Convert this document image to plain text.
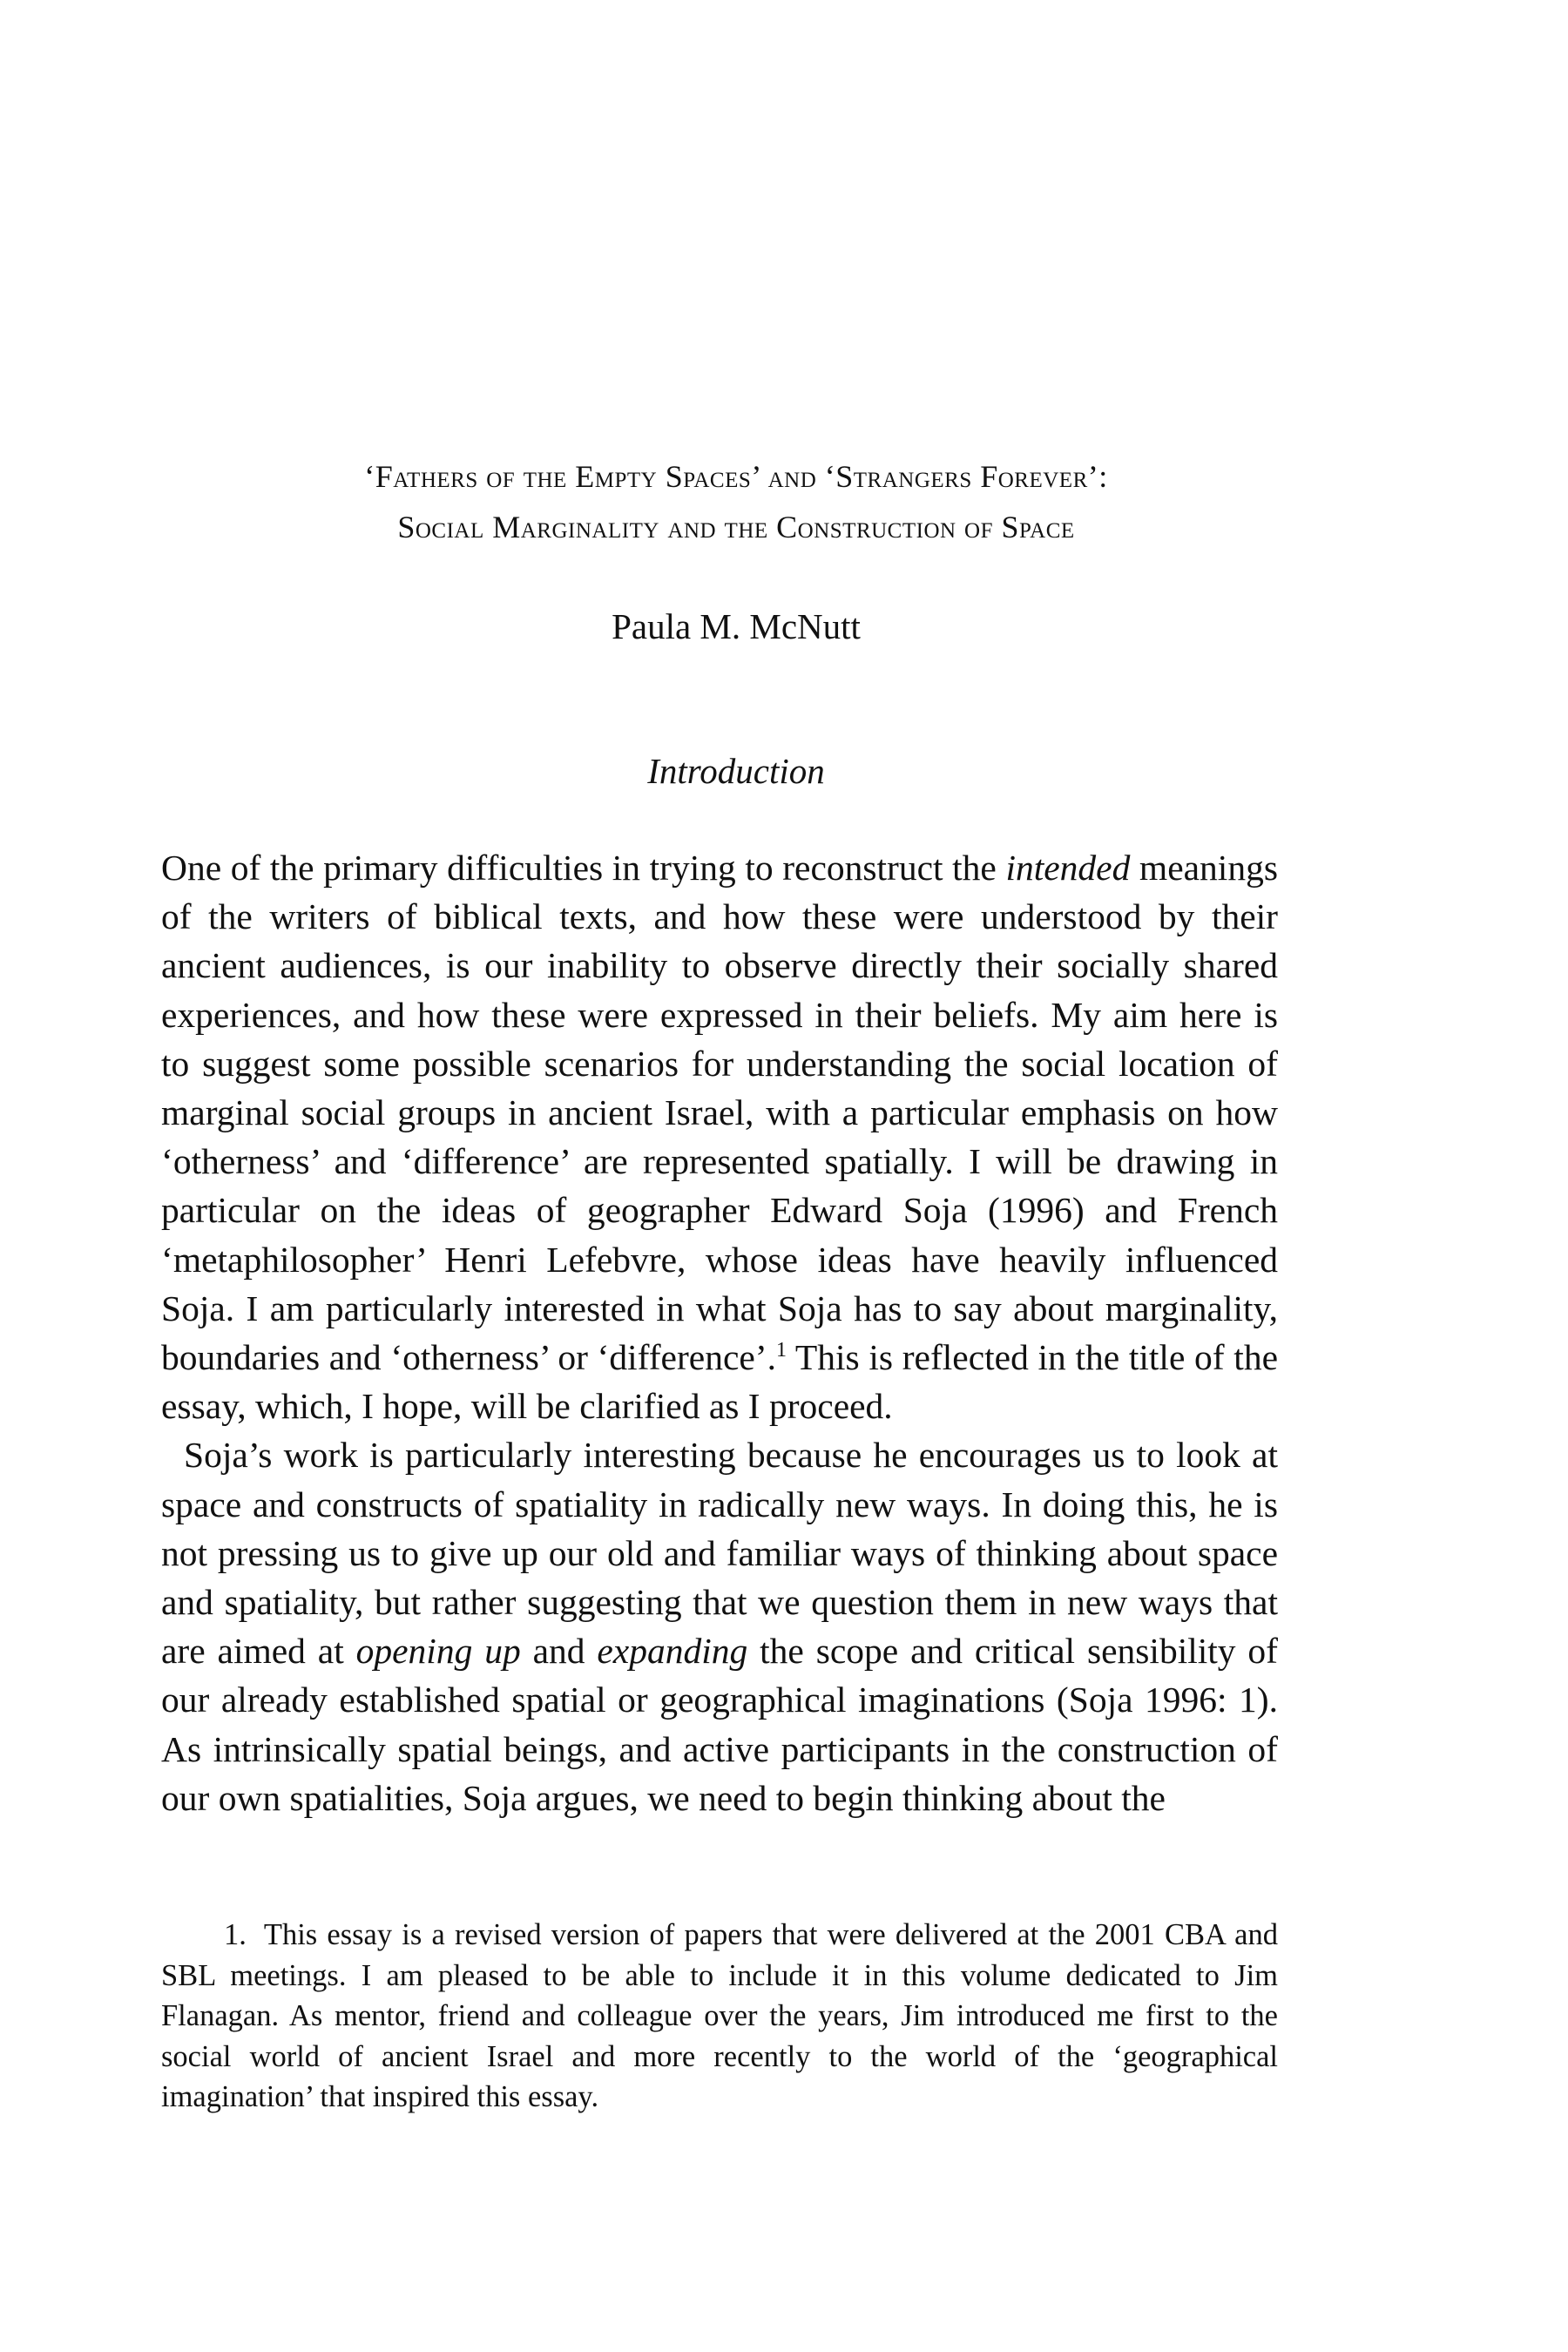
‘Fathers of the Empty Spaces’ and ‘Strangers Forever’:
Social Marginality and the Construction of Space
Paula M. McNutt
Introduction

One of the primary difficulties in trying to reconstruct the intended meanings of the writers of biblical texts, and how these were understood by their ancient audiences, is our inability to observe directly their socially shared experiences, and how these were expressed in their beliefs. My aim here is to suggest some possible scenarios for understanding the social location of marginal social groups in ancient Israel, with a particular emphasis on how ‘otherness’ and ‘difference’ are represented spatially. I will be drawing in particular on the ideas of geographer Edward Soja (1996) and French ‘metaphilosopher’ Henri Lefebvre, whose ideas have heavily influenced Soja. I am particularly interested in what Soja has to say about marginality, boundaries and ‘otherness’ or ‘difference’.$^1$ This is reflected in the title of the essay, which, I hope, will be clarified as I proceed.

Soja’s work is particularly interesting because he encourages us to look at space and constructs of spatiality in radically new ways. In doing this, he is not pressing us to give up our old and familiar ways of thinking about space and spatiality, but rather suggesting that we question them in new ways that are aimed at opening up and expanding the scope and critical sensibility of our already established spatial or geographical imaginations (Soja 1996: 1). As intrinsically spatial beings, and active participants in the construction of our own spatialities, Soja argues, we need to begin thinking about the

1. This essay is a revised version of papers that were delivered at the 2001 CBA and SBL meetings. I am pleased to be able to include it in this volume dedicated to Jim Flanagan. As mentor, friend and colleague over the years, Jim introduced me first to the social world of ancient Israel and more recently to the world of the ‘geographical imagination’ that inspired this essay.
